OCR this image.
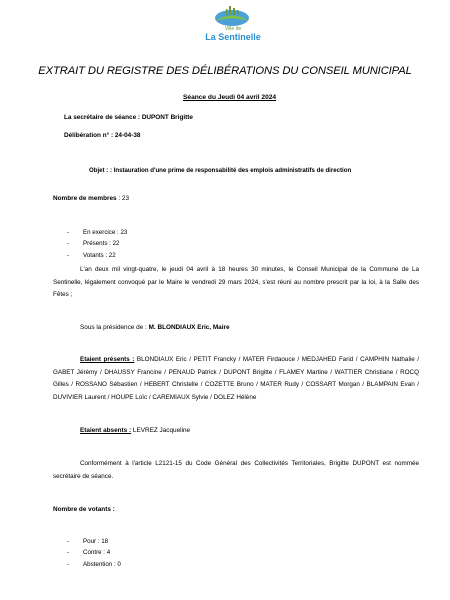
Ville de
La Sentinelle
EXTRAIT DU REGISTRE DES DÉLIBÉRATIONS DU CONSEIL MUNICIPAL
Séance du Jeudi 04 avril 2024
La secrétaire de séance : DUPONT Brigitte
Délibération n° : 24-04-38
Objet : : Instauration d'une prime de responsabilité des emplois administratifs de direction
Nombre de membres : 23
- En exercice : 23
- Présents : 22
- Votants : 22
L'an deux mil vingt-quatre, le jeudi 04 avril à 18 heures 30 minutes, le Conseil Municipal de la Commune de La Sentinelle, légalement convoqué par le Maire le vendredi 29 mars 2024, s'est réuni au nombre prescrit par la loi, à la Salle des Fêtes ;
Sous la présidence de : M. BLONDIAUX Eric, Maire
Etaient présents : BLONDIAUX Eric / PETIT Francky / MATER Firdaouce / MEDJAHED Farid / CAMPHIN Nathalie / GABET Jérémy / DHAUSSY Francine / PENAUD Patrick / DUPONT Brigitte / FLAMEY Martine / WATTIER Christiane / ROCQ Gilles / ROSSANO Sébastien / HEBERT Christelle / COZETTE Bruno / MATER Rudy / COSSART Morgan / BLAMPAIN Evan / DUVIVIER Laurent / HOUPE Loïc / CAREMIAUX Sylvie / DOLEZ Hélène
Etaient absents : LEVREZ Jacqueline
Conformément à l'article L2121-15 du Code Général des Collectivités Territoriales, Brigitte DUPONT est nommée secrétaire de séance.
Nombre de votants :
- Pour : 18
- Contre : 4
- Abstention : 0
